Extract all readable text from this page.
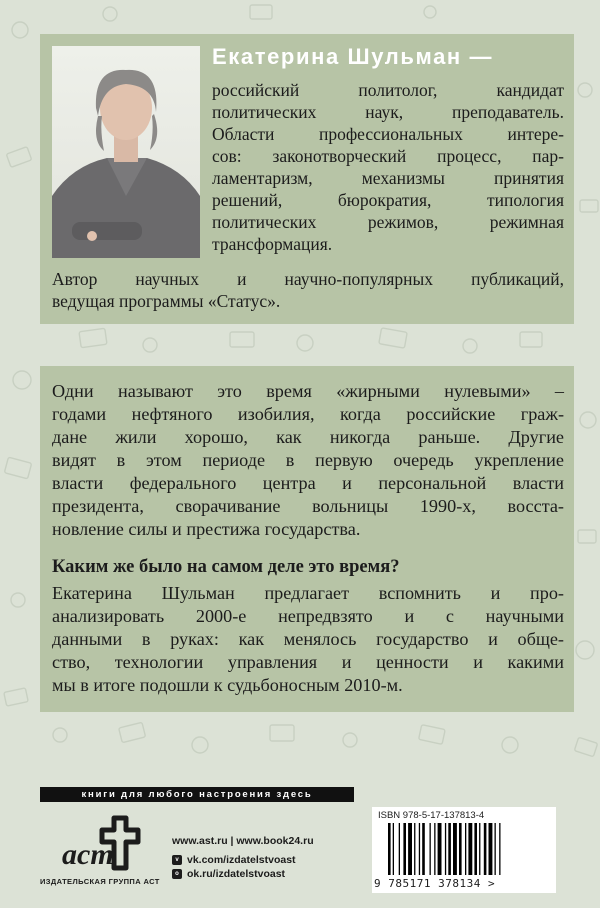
Екатерина Шульман —
российский политолог, кандидат
политических наук, преподаватель.
Области профессиональных интере-
сов: законотворческий процесс, пар-
ламентаризм, механизмы принятия
решений, бюрократия, типология
политических режимов, режимная
трансформация.
Автор научных и научно-популярных публикаций,
ведущая программы «Статус».
Одни называют это время «жирными нулевыми» –
годами нефтяного изобилия, когда российские граж-
дане жили хорошо, как никогда раньше. Другие
видят в этом периоде в первую очередь укрепление
власти федерального центра и персональной власти
президента, сворачивание вольницы 1990-х, восста-
новление силы и престижа государства.
Каким же было на самом деле это время?
Екатерина Шульман предлагает вспомнить и про-
анализировать 2000-е непредвзято и с научными
данными в руках: как менялось государство и обще-
ство, технологии управления и ценности и какими
мы в итоге подошли к судьбоносным 2010-м.
книги для любого настроения здесь
аст
ИЗДАТЕЛЬСКАЯ ГРУППА АСТ
www.ast.ru | www.book24.ru
v vk.com/izdatelstvoast
o ok.ru/izdatelstvoast
ISBN 978-5-17-137813-4
9 785171 378134 >
